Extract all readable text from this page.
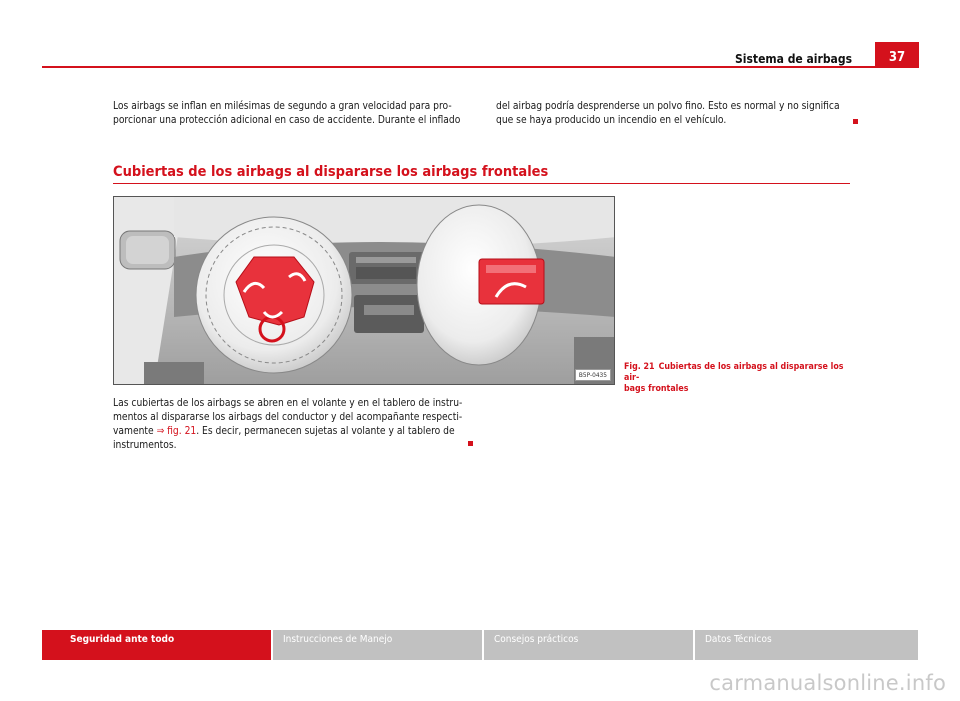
Sistema de airbags	37

Los airbags se inflan en milésimas de segundo a gran velocidad para pro-

porcionar una protección adicional en caso de accidente. Durante el inflado

del airbag podría desprenderse un polvo fino. Esto es normal y no significa

que se haya producido un incendio en el vehículo.

Cubiertas de los airbags al dispararse los airbags frontales
B5P-0435
Fig. 21 Cubiertas de los airbags al dispararse los air-
bags frontales

Las cubiertas de los airbags se abren en el volante y en el tablero de instru-

mentos al dispararse los airbags del conductor y del acompañante respecti-

vamente ⇒ fig. 21. Es decir, permanecen sujetas al volante y al tablero de

instrumentos.

Seguridad ante todo	Instrucciones de Manejo	Consejos prácticos	Datos Técnicos
carmanualsonline.info
